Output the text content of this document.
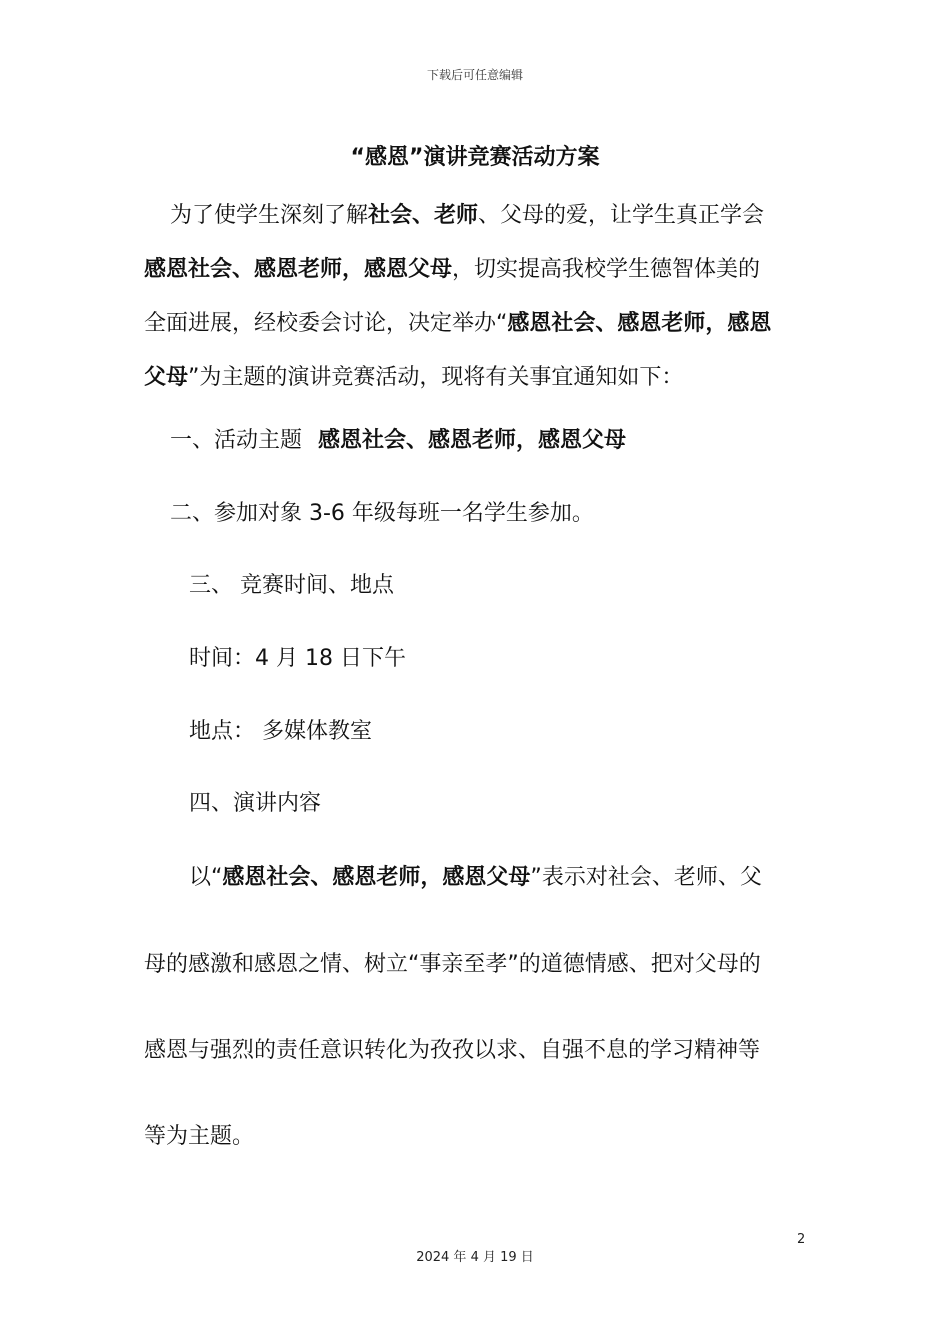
下载后可任意编辑
“感恩”演讲竞赛活动方案
为了使学生深刻了解社会、老师、父母的爱，让学生真正学会
感恩社会、感恩老师，感恩父母，切实提高我校学生德智体美的
全面进展，经校委会讨论，决定举办“感恩社会、感恩老师，感恩
父母”为主题的演讲竞赛活动，现将有关事宜通知如下：
一、活动主题 感恩社会、感恩老师，感恩父母
二、参加对象 3-6 年级每班一名学生参加。
三、 竞赛时间、地点
时间：4 月 18 日下午
地点： 多媒体教室
四、演讲内容
以“感恩社会、感恩老师，感恩父母”表示对社会、老师、父
母的感激和感恩之情、树立“事亲至孝”的道德情感、把对父母的
感恩与强烈的责任意识转化为孜孜以求、自强不息的学习精神等
等为主题。
2
2024 年 4 月 19 日
